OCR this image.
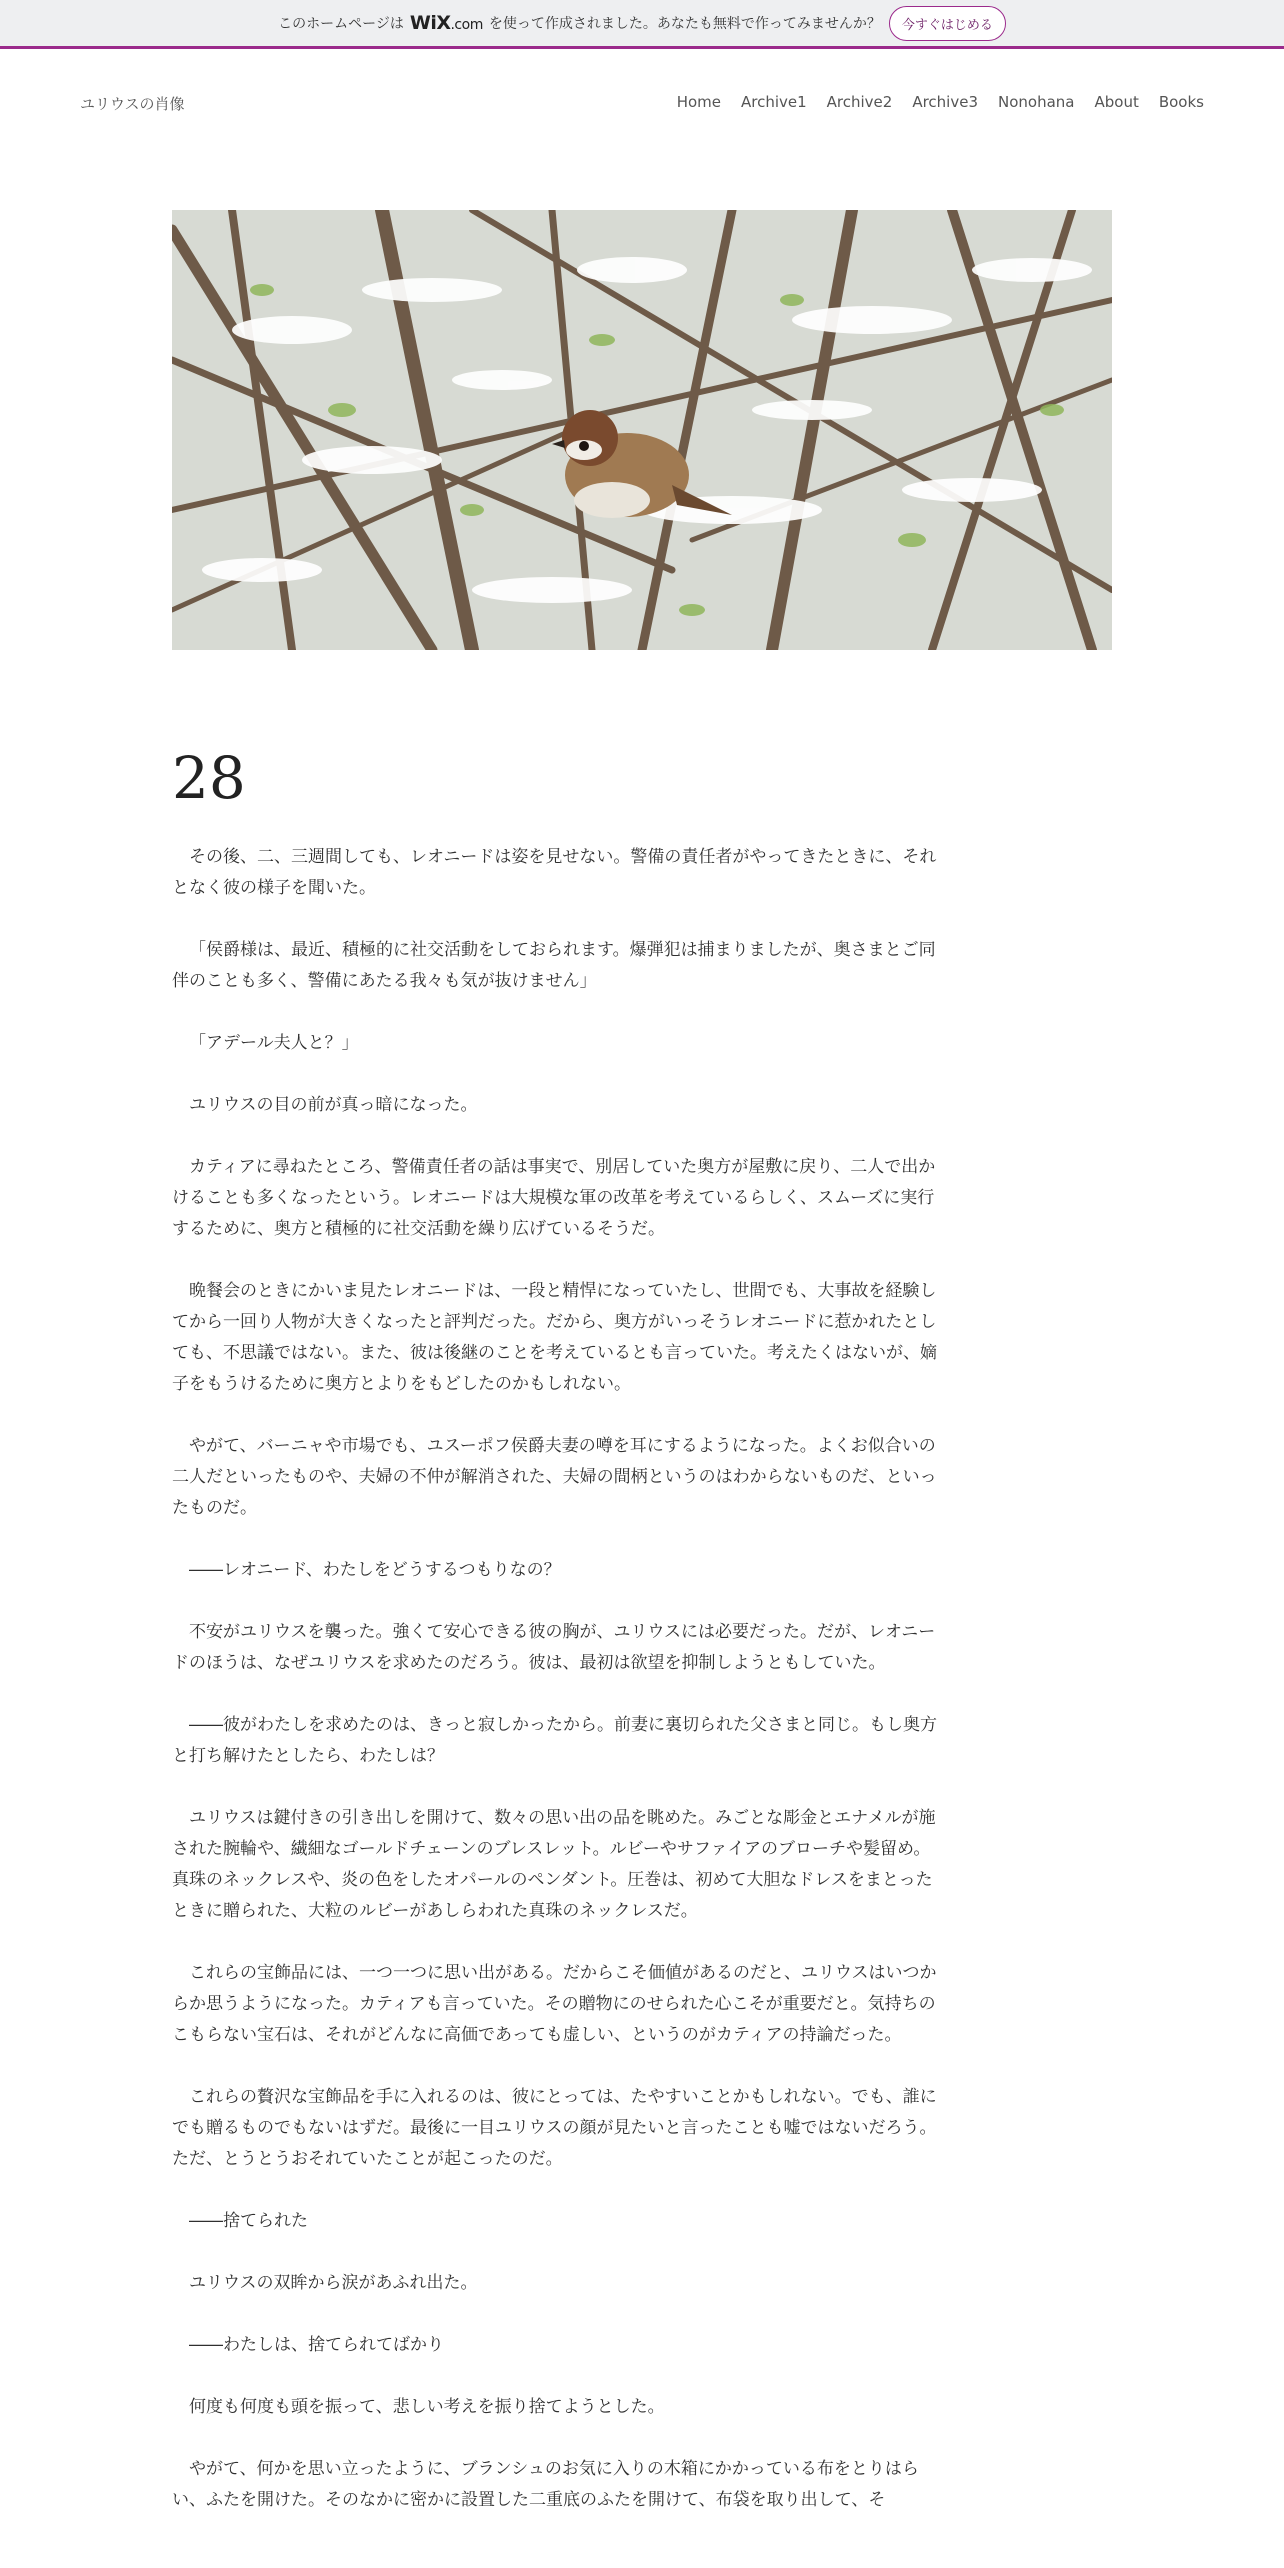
このホームページは WiX.com を使って作成されました。あなたも無料で作ってみませんか？	今すぐはじめる
ユリウスの肖像	Home Archive1 Archive2 Archive3 Nonohana About Books
28

その後、二、三週間しても、レオニードは姿を見せない。警備の責任者がやってきたときに、それとなく彼の様子を聞いた。

「侯爵様は、最近、積極的に社交活動をしておられます。爆弾犯は捕まりましたが、奥さまとご同伴のことも多く、警備にあたる我々も気が抜けません」

「アデール夫人と？」

ユリウスの目の前が真っ暗になった。

カティアに尋ねたところ、警備責任者の話は事実で、別居していた奥方が屋敷に戻り、二人で出かけることも多くなったという。レオニードは大規模な軍の改革を考えているらしく、スムーズに実行するために、奥方と積極的に社交活動を繰り広げているそうだ。

晩餐会のときにかいま見たレオニードは、一段と精悍になっていたし、世間でも、大事故を経験してから一回り人物が大きくなったと評判だった。だから、奥方がいっそうレオニードに惹かれたとしても、不思議ではない。また、彼は後継のことを考えているとも言っていた。考えたくはないが、嫡子をもうけるために奥方とよりをもどしたのかもしれない。

やがて、バーニャや市場でも、ユスーポフ侯爵夫妻の噂を耳にするようになった。よくお似合いの二人だといったものや、夫婦の不仲が解消された、夫婦の間柄というのはわからないものだ、といったものだ。

――レオニード、わたしをどうするつもりなの？

不安がユリウスを襲った。強くて安心できる彼の胸が、ユリウスには必要だった。だが、レオニードのほうは、なぜユリウスを求めたのだろう。彼は、最初は欲望を抑制しようともしていた。

――彼がわたしを求めたのは、きっと寂しかったから。前妻に裏切られた父さまと同じ。もし奥方と打ち解けたとしたら、わたしは？

ユリウスは鍵付きの引き出しを開けて、数々の思い出の品を眺めた。みごとな彫金とエナメルが施された腕輪や、繊細なゴールドチェーンのブレスレット。ルビーやサファイアのブローチや髪留め。真珠のネックレスや、炎の色をしたオパールのペンダント。圧巻は、初めて大胆なドレスをまとったときに贈られた、大粒のルビーがあしらわれた真珠のネックレスだ。

これらの宝飾品には、一つ一つに思い出がある。だからこそ価値があるのだと、ユリウスはいつからか思うようになった。カティアも言っていた。その贈物にのせられた心こそが重要だと。気持ちのこもらない宝石は、それがどんなに高価であっても虚しい、というのがカティアの持論だった。

これらの贅沢な宝飾品を手に入れるのは、彼にとっては、たやすいことかもしれない。でも、誰にでも贈るものでもないはずだ。最後に一目ユリウスの顔が見たいと言ったことも嘘ではないだろう。ただ、とうとうおそれていたことが起こったのだ。

――捨てられた

ユリウスの双眸から涙があふれ出た。

――わたしは、捨てられてばかり

何度も何度も頭を振って、悲しい考えを振り捨てようとした。

やがて、何かを思い立ったように、ブランシュのお気に入りの木箱にかかっている布をとりはらい、ふたを開けた。そのなかに密かに設置した二重底のふたを開けて、布袋を取り出して、そ
